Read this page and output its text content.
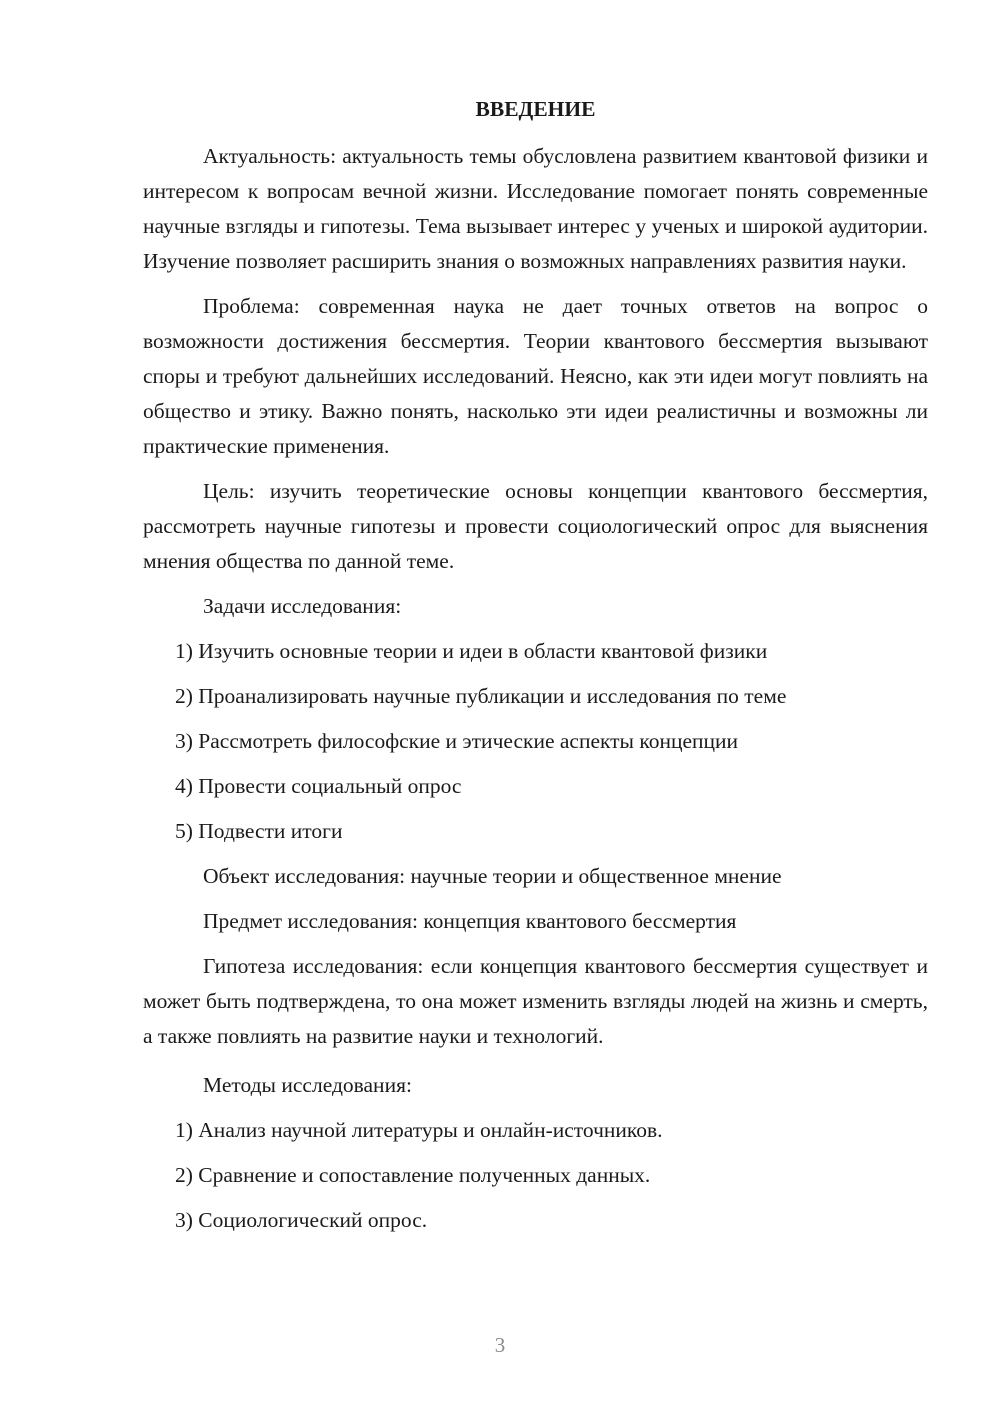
ВВЕДЕНИЕ

Актуальность: актуальность темы обусловлена развитием квантовой физики и интересом к вопросам вечной жизни. Исследование помогает понять современные научные взгляды и гипотезы. Тема вызывает интерес у ученых и широкой аудитории. Изучение позволяет расширить знания о возможных направлениях развития науки.

Проблема: современная наука не дает точных ответов на вопрос о возможности достижения бессмертия. Теории квантового бессмертия вызывают споры и требуют дальнейших исследований. Неясно, как эти идеи могут повлиять на общество и этику. Важно понять, насколько эти идеи реалистичны и возможны ли практические применения.

Цель: изучить теоретические основы концепции квантового бессмертия, рассмотреть научные гипотезы и провести социологический опрос для выяснения мнения общества по данной теме.

Задачи исследования:
1) Изучить основные теории и идеи в области квантовой физики
2) Проанализировать научные публикации и исследования по теме
3) Рассмотреть философские и этические аспекты концепции
4) Провести социальный опрос
5) Подвести итоги
Объект исследования: научные теории и общественное мнение
Предмет исследования: концепция квантового бессмертия

Гипотеза исследования: если концепция квантового бессмертия существует и может быть подтверждена, то она может изменить взгляды людей на жизнь и смерть, а также повлиять на развитие науки и технологий.

Методы исследования:
1) Анализ научной литературы и онлайн-источников.
2) Сравнение и сопоставление полученных данных.
3) Социологический опрос.
3
